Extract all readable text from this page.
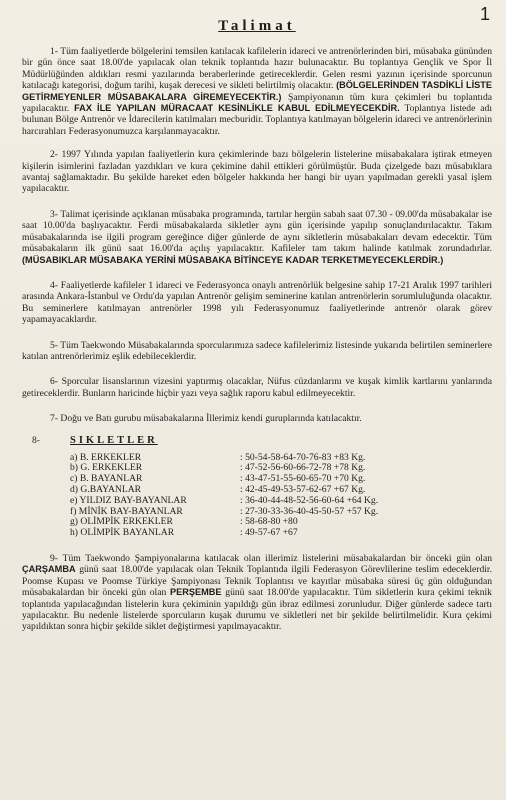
1
Talimat

1- Tüm faaliyetlerde bölgelerini temsilen katılacak kafilelerin idareci ve antrenörlerinden biri, müsabaka gününden bir gün önce saat 18.00'de yapılacak olan teknik toplantıda hazır bulunacaktır. Bu toplantıya Gençlik ve Spor İl Müdürlüğünden aldıkları resmi yazılarında beraberlerinde getireceklerdir. Gelen resmi yazının içerisinde sporcunun katılacağı kategorisi, doğum tarihi, kuşak derecesi ve sikleti belirtilmiş olacaktır. (BÖLGELERİNDEN TASDİKLİ LİSTE GETİRMEYENLER MÜSABAKALARA GİREMEYECEKTİR.) Şampiyonanın tüm kura çekimleri bu toplantıda yapılacaktır. FAX İLE YAPILAN MÜRACAAT KESİNLİKLE KABUL EDİLMEYECEKDİR. Toplantıya listede adı bulunan Bölge Antrenör ve İdarecilerin katılmaları mecburidir. Toplantıya katılmayan bölgelerin idareci ve antrenörlerinin harcırahları Federasyonumuzca karşılanmayacaktır.

2- 1997 Yılında yapılan faaliyetlerin kura çekimlerinde bazı bölgelerin listelerine müsabakalara iştirak etmeyen kişilerin isimlerini fazladan yazdıkları ve kura çekimine dahil ettikleri görülmüştür. Buda çizelgede bazı müsabıklara avantaj sağlamaktadır. Bu şekilde hareket eden bölgeler hakkında her hangi bir uyarı yapılmadan gerekli yasal işlem yapılacaktır.

3- Talimat içerisinde açıklanan müsabaka programında, tartılar hergün sabah saat 07.30 - 09.00'da müsabakalar ise saat 10.00'da başlıyacaktır. Ferdi müsabakalarda sikletler aynı gün içerisinde yapılıp sonuçlandırılacaktır. Takım müsabakalarında ise ilgili program gereğince diğer günlerde de aynı sikletlerin müsabakaları devam edecektir. Tüm müsabakaların ilk günü saat 16.00'da açılış yapılacaktır. Kafileler tam takım halinde katılmak zorundadırlar. (MÜSABIKLAR MÜSABAKA YERİNİ MÜSABAKA BİTİNCEYE KADAR TERKETMEYECEKLERDİR.)

4- Faaliyetlerde kafileler 1 idareci ve Federasyonca onaylı antrenörlük belgesine sahip 17-21 Aralık 1997 tarihleri arasında Ankara-İstanbul ve Ordu'da yapılan Antrenör gelişim seminerine katılan antrenörlerin sorumluluğunda olacaktır. Bu seminerlere katılmayan antrenörler 1998 yılı Federasyonumuz faaliyetlerinde antrenör olarak görev yapamayacaklardır.

5- Tüm Taekwondo Müsabakalarında sporcularımıza sadece kafilelerimiz listesinde yukarıda belirtilen seminerlere katılan antrenörlerimiz eşlik edebileceklerdir.

6- Sporcular lisanslarının vizesini yaptırmış olacaklar, Nüfus cüzdanlarını ve kuşak kimlik kartlarını yanlarında getireceklerdir. Bunların haricinde hiçbir yazı veya sağlık raporu kabul edilmeyecektir.

7- Doğu ve Batı gurubu müsabakalarına İllerimiz kendi guruplarında katılacaktır.

8-	SIKLETLER
a) B. ERKEKLER	: 50-54-58-64-70-76-83 +83 Kg.
b) G. ERKEKLER	: 47-52-56-60-66-72-78 +78 Kg.
c) B. BAYANLAR	: 43-47-51-55-60-65-70 +70 Kg.
d) G.BAYANLAR	: 42-45-49-53-57-62-67 +67 Kg.
e) YILDIZ BAY-BAYANLAR	: 36-40-44-48-52-56-60-64 +64 Kg.
f) MİNİK BAY-BAYANLAR	: 27-30-33-36-40-45-50-57 +57 Kg.
g) OLİMPİK ERKEKLER	: 58-68-80 +80
h) OLİMPİK BAYANLAR	: 49-57-67 +67

9- Tüm Taekwondo Şampiyonalarına katılacak olan illerimiz listelerini müsabakalardan bir önceki gün olan ÇARŞAMBA günü saat 18.00'de yapılacak olan Teknik Toplantıda ilgili Federasyon Görevlilerine teslim edeceklerdir. Poomse Kupası ve Poomse Türkiye Şampiyonası Teknik Toplantısı ve kayıtlar müsabaka süresi üç gün olduğundan müsabakalardan bir önceki gün olan PERŞEMBE günü saat 18.00'de yapılacaktır. Tüm sikletlerin kura çekimi teknik toplantıda yapılacağından listelerin kura çekiminin yapıldığı gün ibraz edilmesi zorunludur. Diğer günlerde sadece tartı yapılacaktır. Bu nedenle listelerde sporcuların kuşak durumu ve sikletleri net bir şekilde belirtilmelidir. Kura çekimi yapıldıktan sonra hiçbir şekilde siklet değiştirmesi yapılmayacaktır.
